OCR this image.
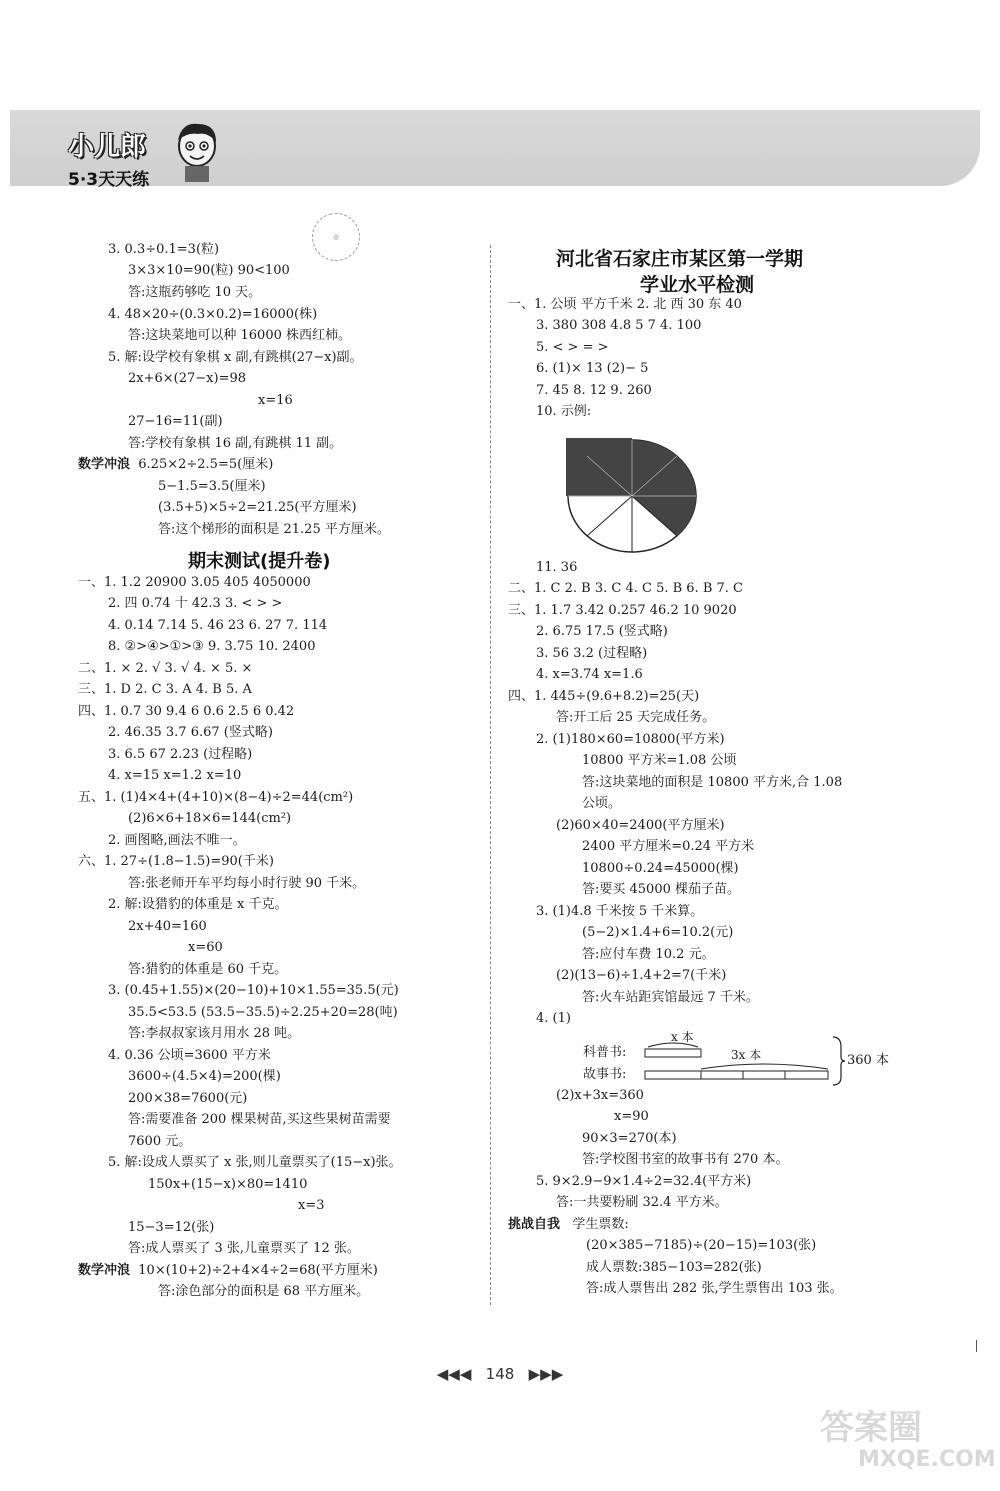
小儿郎
5·3天天练
◎
3. 0.3÷0.1=3(粒)
3×3×10=90(粒) 90<100
答:这瓶药够吃 10 天。
4. 48×20÷(0.3×0.2)=16000(株)
答:这块菜地可以种 16000 株西红柿。
5. 解:设学校有象棋 x 副,有跳棋(27−x)副。
2x+6×(27−x)=98
x=16
27−16=11(副)
答:学校有象棋 16 副,有跳棋 11 副。
数学冲浪 6.25×2÷2.5=5(厘米)
5−1.5=3.5(厘米)
(3.5+5)×5÷2=21.25(平方厘米)
答:这个梯形的面积是 21.25 平方厘米。
期末测试(提升卷)
一、1. 1.2 20900 3.05 405 4050000
2. 四 0.74 十 42.3 3. < > >
4. 0.14 7.14 5. 46 23 6. 27 7. 114
8. ②>④>①>③ 9. 3.75 10. 2400
二、1. × 2. √ 3. √ 4. × 5. ×
三、1. D 2. C 3. A 4. B 5. A
四、1. 0.7 30 9.4 6 0.6 2.5 6 0.42
2. 46.35 3.7 6.67 (竖式略)
3. 6.5 67 2.23 (过程略)
4. x=15 x=1.2 x=10
五、1. (1)4×4+(4+10)×(8−4)÷2=44(cm²)
(2)6×6+18×6=144(cm²)
2. 画图略,画法不唯一。
六、1. 27÷(1.8−1.5)=90(千米)
答:张老师开车平均每小时行驶 90 千米。
2. 解:设猎豹的体重是 x 千克。
2x+40=160
x=60
答:猎豹的体重是 60 千克。
3. (0.45+1.55)×(20−10)+10×1.55=35.5(元)
35.5<53.5 (53.5−35.5)÷2.25+20=28(吨)
答:李叔叔家该月用水 28 吨。
4. 0.36 公顷=3600 平方米
3600÷(4.5×4)=200(棵)
200×38=7600(元)
答:需要准备 200 棵果树苗,买这些果树苗需要
7600 元。
5. 解:设成人票买了 x 张,则儿童票买了(15−x)张。
150x+(15−x)×80=1410
x=3
15−3=12(张)
答:成人票买了 3 张,儿童票买了 12 张。
数学冲浪 10×(10+2)÷2+4×4÷2=68(平方厘米)
答:涂色部分的面积是 68 平方厘米。
河北省石家庄市某区第一学期
学业水平检测
一、1. 公顷 平方千米 2. 北 西 30 东 40
3. 380 308 4.8 5 7 4. 100
5. < > = >
6. (1)× 13 (2)− 5
7. 45 8. 12 9. 260
10. 示例:
11. 36
二、1. C 2. B 3. C 4. C 5. B 6. B 7. C
三、1. 1.7 3.42 0.257 46.2 10 9020
2. 6.75 17.5 (竖式略)
3. 56 3.2 (过程略)
4. x=3.74 x=1.6
四、1. 445÷(9.6+8.2)=25(天)
答:开工后 25 天完成任务。
2. (1)180×60=10800(平方米)
10800 平方米=1.08 公顷
答:这块菜地的面积是 10800 平方米,合 1.08
公顷。
(2)60×40=2400(平方厘米)
2400 平方厘米=0.24 平方米
10800÷0.24=45000(棵)
答:要买 45000 棵茄子苗。
3. (1)4.8 千米按 5 千米算。
(5−2)×1.4+6=10.2(元)
答:应付车费 10.2 元。
(2)(13−6)÷1.4+2=7(千米)
答:火车站距宾馆最远 7 千米。
4. (1)
x 本
3x 本
科普书:
故事书:
360 本
(2)x+3x=360
x=90
90×3=270(本)
答:学校图书室的故事书有 270 本。
5. 9×2.9−9×1.4÷2=32.4(平方米)
答:一共要粉刷 32.4 平方米。
挑战自我 学生票数:
(20×385−7185)÷(20−15)=103(张)
成人票数:385−103=282(张)
答:成人票售出 282 张,学生票售出 103 张。
◀◀◀ 148 ▶▶▶
答案圈
MXQE.COM
